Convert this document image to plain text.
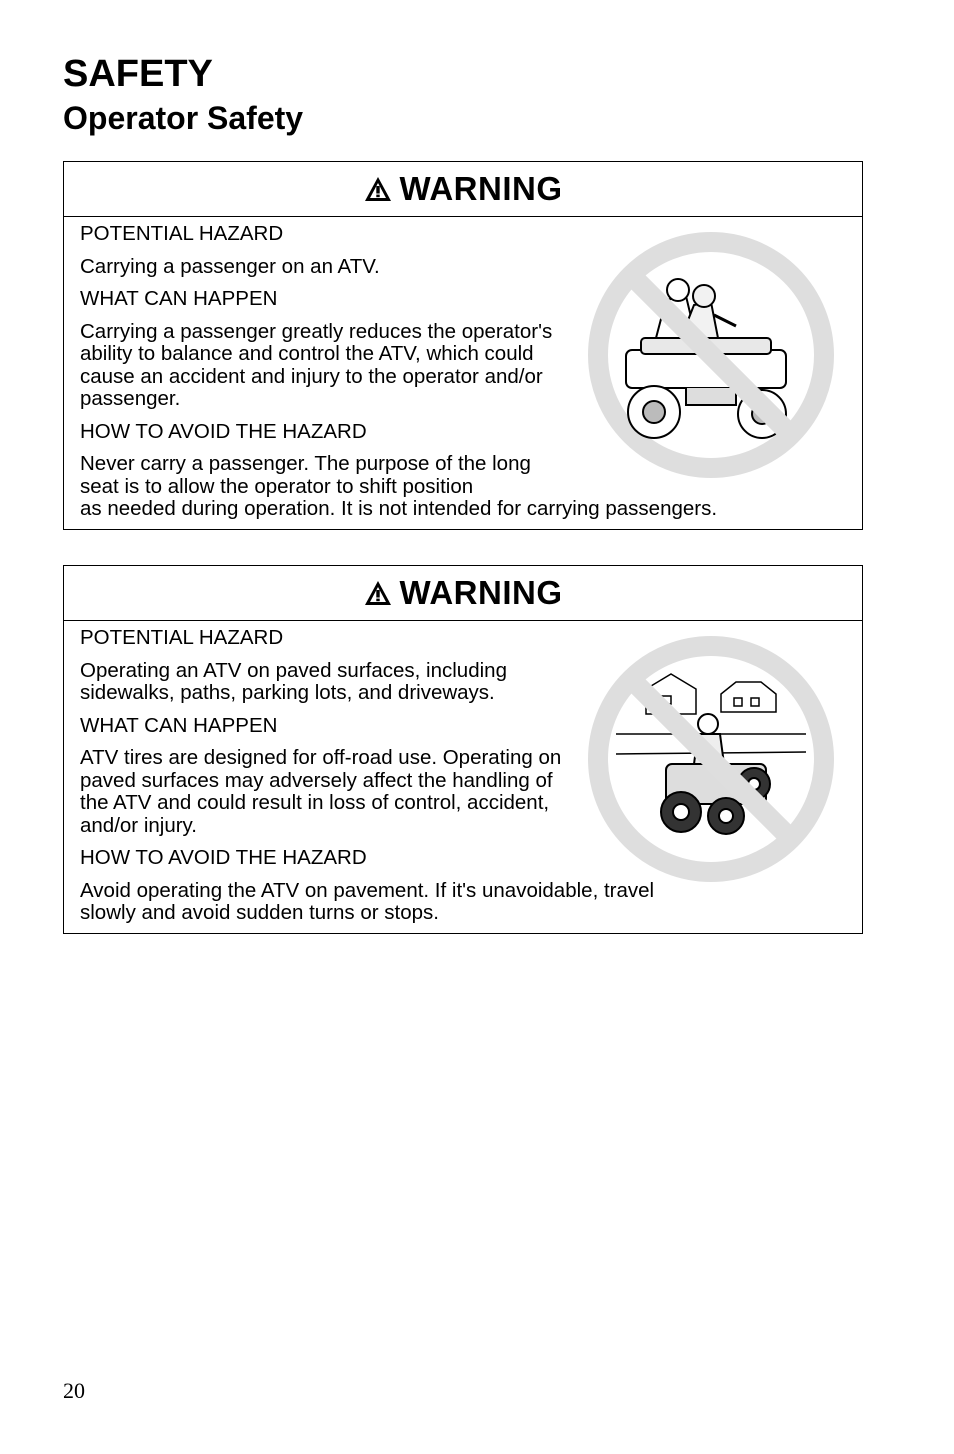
SAFETY
Operator Safety
WARNING

POTENTIAL HAZARD

Carrying a passenger on an ATV.

WHAT CAN HAPPEN

Carrying a passenger greatly reduces the operator's ability to balance and control the ATV, which could cause an accident and injury to the operator and/or passenger.

HOW TO AVOID THE HAZARD

Never carry a passenger. The purpose of the long seat is to allow the operator to shift position

as needed during operation. It is not intended for carrying passengers.

WARNING

POTENTIAL HAZARD

Operating an ATV on paved surfaces, including sidewalks, paths, parking lots, and driveways.

WHAT CAN HAPPEN

ATV tires are designed for off-road use. Operating on paved surfaces may adversely affect the handling of the ATV and could result in loss of control, accident, and/or injury.

HOW TO AVOID THE HAZARD

Avoid operating the ATV on pavement. If it's unavoidable, travel slowly and avoid sudden turns or stops.

20
